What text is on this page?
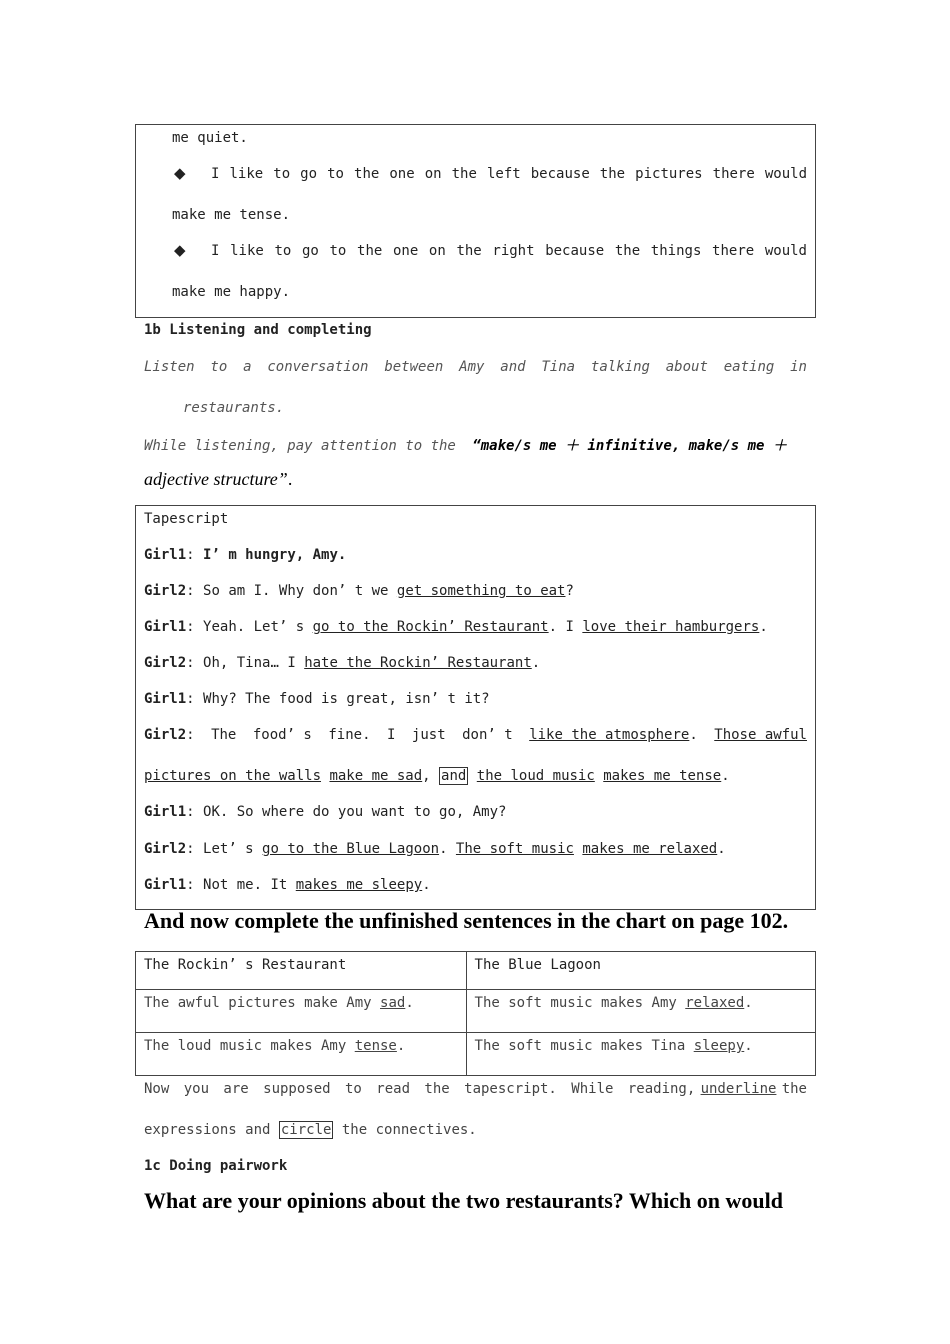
me quiet.
◆ I like to go to the one on the left because the pictures there would
make me tense.
◆ I like to go to the one on the right because the things there would
make me happy.
1b Listening and completing
Listen to a conversation between Amy and Tina talking about eating in
restaurants.
While listening, pay attention to the “make/s me ＋ infinitive, make/s me ＋
adjective structure”.
Tapescript
Girl1: I’ m hungry, Amy.
Girl2: So am I. Why don’ t we get something to eat?
Girl1: Yeah. Let’ s go to the Rockin’ Restaurant. I love their hamburgers.
Girl2: Oh, Tina… I hate the Rockin’ Restaurant.
Girl1: Why? The food is great, isn’ t it?
Girl2: The food’ s fine. I just don’ t like the atmosphere. Those awful
pictures on the walls make me sad, and the loud music makes me tense.
Girl1: OK. So where do you want to go, Amy?
Girl2: Let’ s go to the Blue Lagoon. The soft music makes me relaxed.
Girl1: Not me. It makes me sleepy.
And now complete the unfinished sentences in the chart on page 102.
The Rockin’ s Restaurant	The Blue Lagoon
The awful pictures make Amy sad.	The soft music makes Amy relaxed.
The loud music makes Amy tense.	The soft music makes Tina sleepy.
Now you are supposed to read the tapescript. While reading, underline the
expressions and circle the connectives.
1c Doing pairwork
What are your opinions about the two restaurants? Which on would
